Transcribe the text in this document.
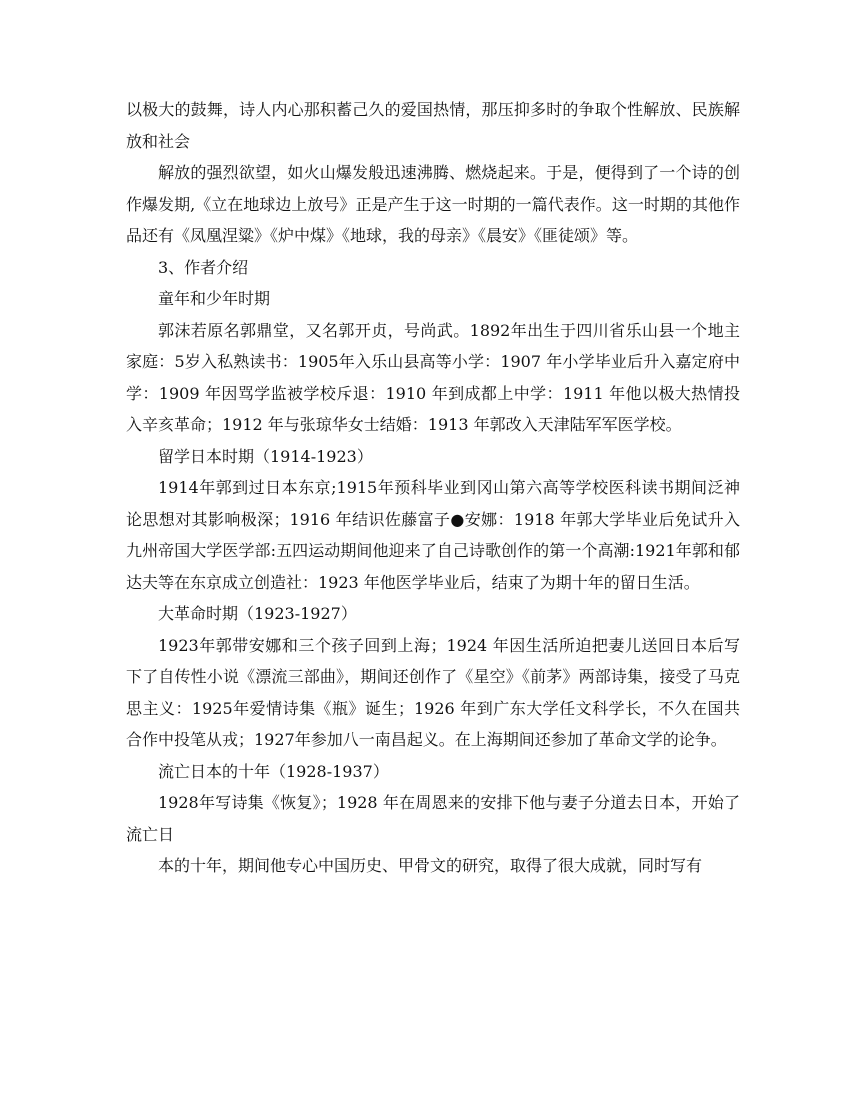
以极大的鼓舞，诗人内心那积蓄己久的爱国热情，那压抑多时的争取个性解放、民族解放和社会

解放的强烈欲望，如火山爆发般迅速沸腾、燃烧起来。于是，便得到了一个诗的创作爆发期,《立在地球边上放号》正是产生于这一时期的一篇代表作。这一时期的其他作品还有《凤凰涅粱》《炉中煤》《地球，我的母亲》《晨安》《匪徒颂》等。

3、作者介绍

童年和少年时期

郭沫若原名郭鼎堂，又名郭开贞，号尚武。1892年出生于四川省乐山县一个地主家庭：5岁入私熟读书：1905年入乐山县高等小学：1907 年小学毕业后升入嘉定府中学：1909 年因骂学监被学校斥退：1910 年到成都上中学：1911 年他以极大热情投入辛亥革命；1912 年与张琼华女士结婚：1913 年郭改入天津陆军军医学校。

留学日本时期（1914-1923）

1914年郭到过日本东京;1915年预科毕业到冈山第六高等学校医科读书期间泛神论思想对其影响极深；1916 年结识佐藤富子●安娜：1918 年郭大学毕业后免试升入九州帝国大学医学部:五四运动期间他迎来了自己诗歌创作的第一个高潮:1921年郭和郁达夫等在东京成立创造社：1923 年他医学毕业后，结束了为期十年的留日生活。

大革命时期（1923-1927）

1923年郭带安娜和三个孩子回到上海；1924 年因生活所迫把妻儿送回日本后写下了自传性小说《漂流三部曲》，期间还创作了《星空》《前茅》两部诗集，接受了马克思主义：1925年爱情诗集《瓶》诞生；1926 年到广东大学任文科学长，不久在国共合作中投笔从戎；1927年参加八一南昌起义。在上海期间还参加了革命文学的论争。

流亡日本的十年（1928-1937）

1928年写诗集《恢复》；1928 年在周恩来的安排下他与妻子分道去日本，开始了流亡日

本的十年，期间他专心中国历史、甲骨文的研究，取得了很大成就，同时写有
